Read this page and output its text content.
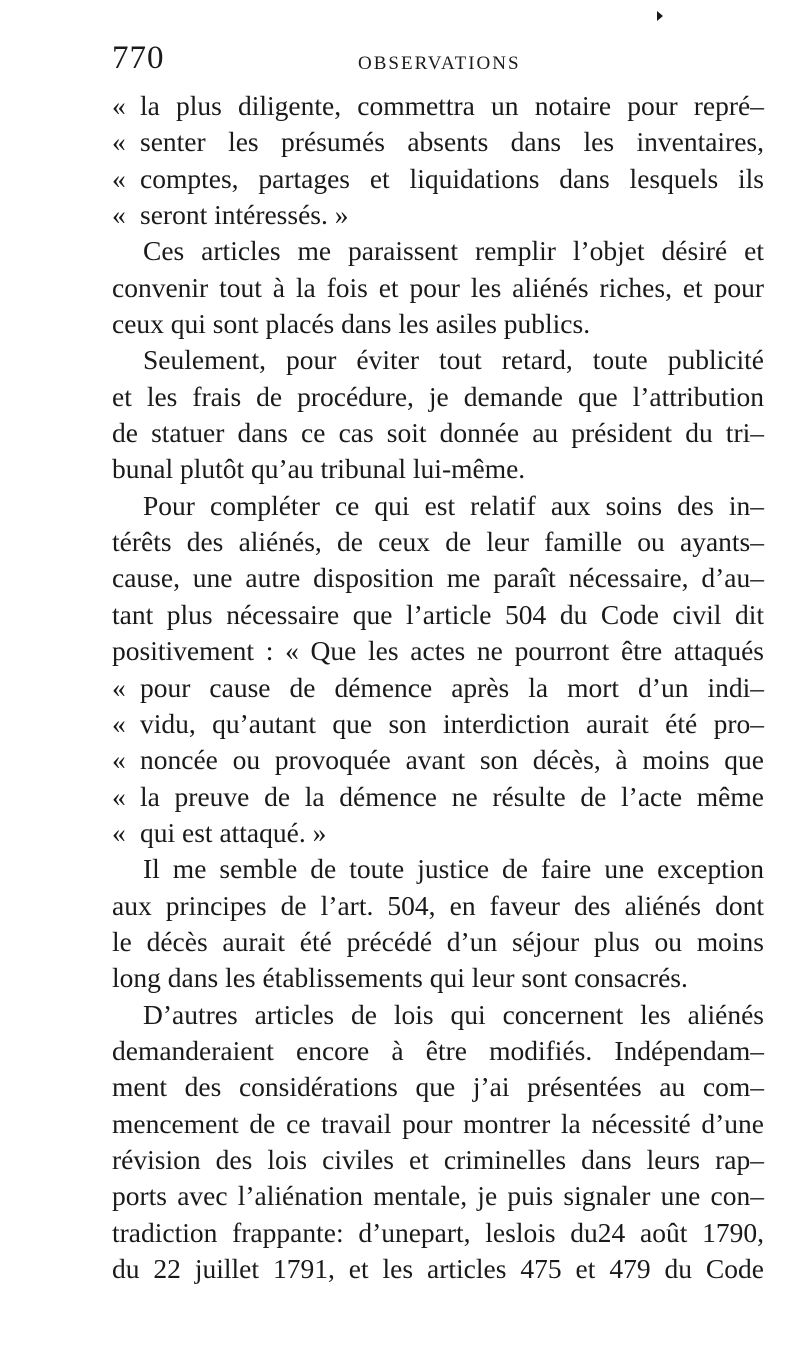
770	OBSERVATIONS
« la plus diligente, commettra un notaire pour repré–
« senter les présumés absents dans les inventaires,
« comptes, partages et liquidations dans lesquels ils
« seront intéressés. »
Ces articles me paraissent remplir l’objet désiré et
convenir tout à la fois et pour les aliénés riches, et pour
ceux qui sont placés dans les asiles publics.
Seulement, pour éviter tout retard, toute publicité
et les frais de procédure, je demande que l’attribution
de statuer dans ce cas soit donnée au président du tri–
bunal plutôt qu’au tribunal lui-même.
Pour compléter ce qui est relatif aux soins des in–
térêts des aliénés, de ceux de leur famille ou ayants–
cause, une autre disposition me paraît nécessaire, d’au–
tant plus nécessaire que l’article 504 du Code civil dit
positivement : « Que les actes ne pourront être attaqués
« pour cause de démence après la mort d’un indi–
« vidu, qu’autant que son interdiction aurait été pro–
« noncée ou provoquée avant son décès, à moins que
« la preuve de la démence ne résulte de l’acte même
« qui est attaqué. »
Il me semble de toute justice de faire une exception
aux principes de l’art. 504, en faveur des aliénés dont
le décès aurait été précédé d’un séjour plus ou moins
long dans les établissements qui leur sont consacrés.
D’autres articles de lois qui concernent les aliénés
demanderaient encore à être modifiés. Indépendam–
ment des considérations que j’ai présentées au com–
mencement de ce travail pour montrer la nécessité d’une
révision des lois civiles et criminelles dans leurs rap–
ports avec l’aliénation mentale, je puis signaler une con–
tradiction frappante: d’unepart, leslois du24 août 1790,
du 22 juillet 1791, et les articles 475 et 479 du Code
